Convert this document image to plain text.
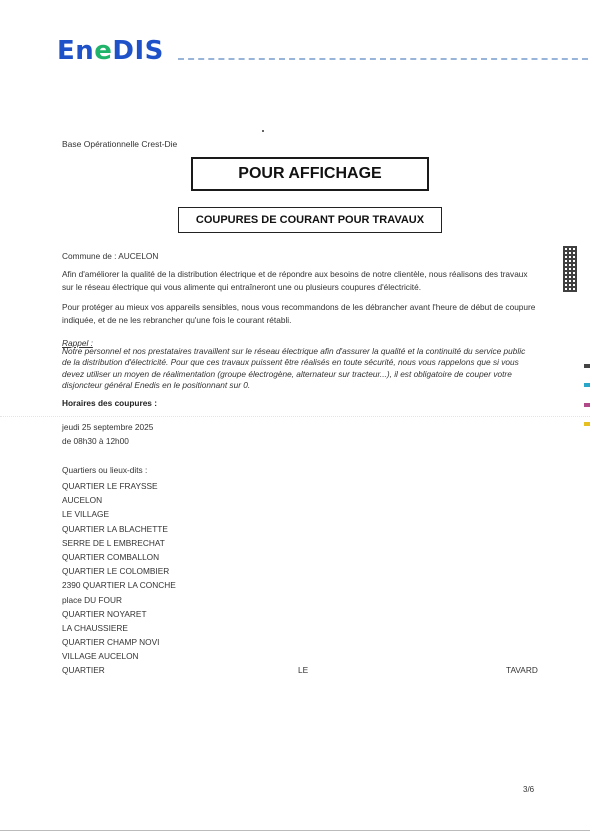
EneDIS
Base Opérationnelle Crest-Die
POUR AFFICHAGE
COUPURES DE COURANT POUR TRAVAUX
Commune de : AUCELON
Afin d'améliorer la qualité de la distribution électrique et de répondre aux besoins de notre clientèle, nous réalisons des travaux sur le réseau électrique qui vous alimente qui entraîneront une ou plusieurs coupures d'électricité.
Pour protéger au mieux vos appareils sensibles, nous vous recommandons de les débrancher avant l'heure de début de coupure indiquée, et de ne les rebrancher qu'une fois le courant rétabli.
Rappel :
Notre personnel et nos prestataires travaillent sur le réseau électrique afin d'assurer la qualité et la continuité du service public de la distribution d'électricité. Pour que ces travaux puissent être réalisés en toute sécurité, nous vous rappelons que si vous devez utiliser un moyen de réalimentation (groupe électrogène, alternateur sur tracteur...), il est obligatoire de couper votre disjoncteur général Enedis en le positionnant sur 0.
Horaires des coupures :
jeudi 25 septembre 2025
de 08h30 à 12h00
Quartiers ou lieux-dits :
QUARTIER LE FRAYSSE
AUCELON
LE VILLAGE
QUARTIER LA BLACHETTE
SERRE DE L EMBRECHAT
QUARTIER COMBALLON
QUARTIER LE COLOMBIER
2390 QUARTIER LA CONCHE
place DU FOUR
QUARTIER NOYARET
LA CHAUSSIERE
QUARTIER CHAMP NOVI
VILLAGE AUCELON
QUARTIER	LE	TAVARD
3/6
